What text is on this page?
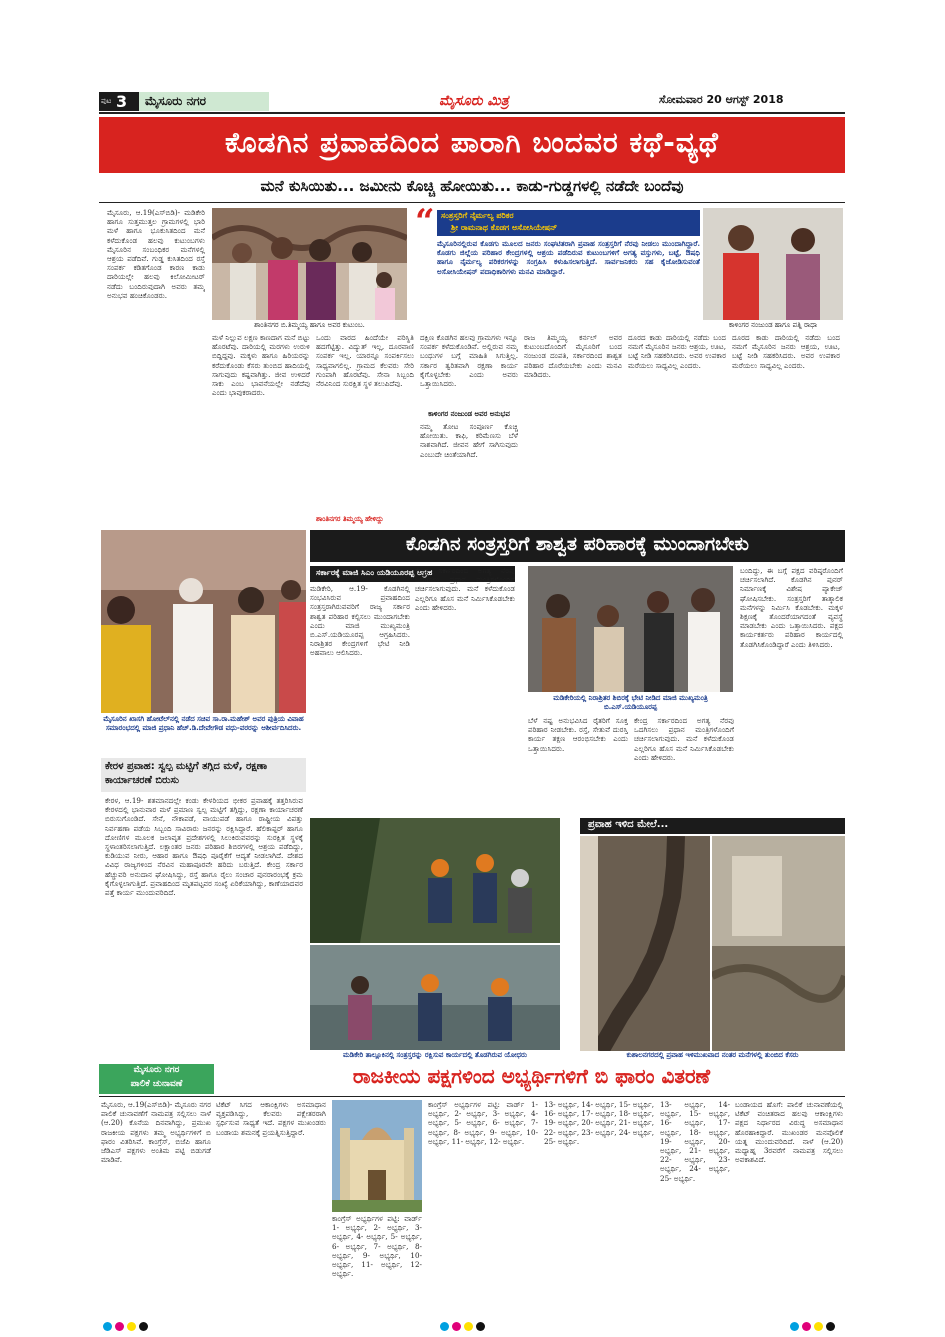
ಪುಟ 3 ಮೈಸೂರು ನಗರ	ಮೈಸೂರು ಮಿತ್ರ	ಸೋಮವಾರ 20 ಆಗಸ್ಟ್ 2018
ಕೊಡಗಿನ ಪ್ರವಾಹದಿಂದ ಪಾರಾಗಿ ಬಂದವರ ಕಥೆ-ವ್ಯಥೆ
ಮನೆ ಕುಸಿಯಿತು... ಜಮೀನು ಕೊಚ್ಚಿ ಹೋಯಿತು... ಕಾಡು-ಗುಡ್ಡಗಳಲ್ಲಿ ನಡೆದೇ ಬಂದೆವು
ಮೈಸೂರು, ಆ.19(ಎಸ್‌ಬಿಡಿ)- ಮಡಿಕೇರಿ ಹಾಗೂ ಸುತ್ತಮುತ್ತಲ ಗ್ರಾಮಗಳಲ್ಲಿ ಭಾರಿ ಮಳೆ ಹಾಗೂ ಭೂಕುಸಿತದಿಂದ ಮನೆ ಕಳೆದುಕೊಂಡ ಹಲವು ಕುಟುಂಬಗಳು ಮೈಸೂರಿನ ಸಂಬಂಧಿಕರ ಮನೆಗಳಲ್ಲಿ ಆಶ್ರಯ ಪಡೆದಿವೆ. ಗುಡ್ಡ ಕುಸಿತದಿಂದ ರಸ್ತೆ ಸಂಪರ್ಕ ಕಡಿತಗೊಂಡ ಕಾರಣ ಕಾಡು ದಾರಿಯಲ್ಲೇ ಹಲವು ಕಿಲೋಮೀಟರ್ ನಡೆದು ಬಂದಿರುವುದಾಗಿ ಅವರು ತಮ್ಮ ಅನುಭವ ಹಂಚಿಕೊಂಡರು.
ಶಾಂತಿನಗರ ಬಿ.ತಿಮ್ಮಯ್ಯ ಹಾಗೂ ಅವರ ಕುಟುಂಬ.
“ ಸಂತ್ರಸ್ತರಿಗೆ ನೈರ್ಮಲ್ಯ ಪರಿಕರ
ಶ್ರೀ ರಾಮನಾಥ ಕೊಡಗ ಅಸೋಸಿಯೇಷನ್
ಮೈಸೂರಿನಲ್ಲಿರುವ ಕೊಡಗು ಮೂಲದ ಜನರು ಸಂಘಟಿತರಾಗಿ ಪ್ರವಾಹ ಸಂತ್ರಸ್ತರಿಗೆ ನೆರವು ನೀಡಲು ಮುಂದಾಗಿದ್ದಾರೆ. ಕೊಡಗು ಜಿಲ್ಲೆಯ ಪರಿಹಾರ ಕೇಂದ್ರಗಳಲ್ಲಿ ಆಶ್ರಯ ಪಡೆದಿರುವ ಕುಟುಂಬಗಳಿಗೆ ಅಗತ್ಯ ವಸ್ತುಗಳು, ಬಟ್ಟೆ, ಔಷಧಿ ಹಾಗೂ ನೈರ್ಮಲ್ಯ ಪರಿಕರಗಳನ್ನು ಸಂಗ್ರಹಿಸಿ ಕಳುಹಿಸಲಾಗುತ್ತಿದೆ. ಸಾರ್ವಜನಿಕರು ಸಹ ಕೈಜೋಡಿಸುವಂತೆ ಅಸೋಸಿಯೇಷನ್ ಪದಾಧಿಕಾರಿಗಳು ಮನವಿ ಮಾಡಿದ್ದಾರೆ.
ಕಾಳಿಂಗರ ನಂಜುಂಡ ಹಾಗೂ ಪತ್ನಿ ರಾಧಾ
ಮಳೆ ನಿಲ್ಲುವ ಲಕ್ಷಣ ಕಾಣದಾಗ ಮನೆ ಬಿಟ್ಟು ಹೊರಟೆವು. ದಾರಿಯಲ್ಲಿ ಮರಗಳು ಉರುಳಿ ಬಿದ್ದಿದ್ದವು. ಮಕ್ಕಳು ಹಾಗೂ ಹಿರಿಯರನ್ನು ಕರೆದುಕೊಂಡು ಕೆಸರು ತುಂಬಿದ ಹಾದಿಯಲ್ಲಿ ಸಾಗುವುದು ಕಷ್ಟವಾಗಿತ್ತು. ಜೀವ ಉಳಿದರೆ ಸಾಕು ಎಂಬ ಭಾವನೆಯಲ್ಲೇ ನಡೆದೆವು ಎಂದು ಭಾವುಕರಾದರು.
ಒಂದು ವಾರದ ಹಿಂದೆಯೇ ಪರಿಸ್ಥಿತಿ ಹದಗೆಟ್ಟಿತ್ತು. ವಿದ್ಯುತ್ ಇಲ್ಲ, ದೂರವಾಣಿ ಸಂಪರ್ಕ ಇಲ್ಲ. ಯಾರನ್ನೂ ಸಂಪರ್ಕಿಸಲು ಸಾಧ್ಯವಾಗಲಿಲ್ಲ. ಗ್ರಾಮದ ಕೆಲವರು ಸೇರಿ ಗುಂಪಾಗಿ ಹೊರಟೆವು. ಸೇನಾ ಸಿಬ್ಬಂದಿ ನೆರವಿನಿಂದ ಸುರಕ್ಷಿತ ಸ್ಥಳ ತಲುಪಿದೆವು.
ಶಾಂತಿನಗರ ತಿಮ್ಮಯ್ಯ ಹೇಳಿದ್ದು
ದಕ್ಷಿಣ ಕೊಡಗಿನ ಹಲವು ಗ್ರಾಮಗಳು ಇನ್ನೂ ಸಂಪರ್ಕ ಕಳೆದುಕೊಂಡಿವೆ. ಅಲ್ಲಿರುವ ನಮ್ಮ ಬಂಧುಗಳ ಬಗ್ಗೆ ಮಾಹಿತಿ ಸಿಗುತ್ತಿಲ್ಲ. ಸರ್ಕಾರ ತ್ವರಿತವಾಗಿ ರಕ್ಷಣಾ ಕಾರ್ಯ ಕೈಗೊಳ್ಳಬೇಕು ಎಂದು ಅವರು ಒತ್ತಾಯಿಸಿದರು.
ಕಾಳಿಂಗರ ನಂಜುಂಡ ಅವರ ಅನುಭವ
ನಮ್ಮ ತೋಟ ಸಂಪೂರ್ಣ ಕೊಚ್ಚಿ ಹೋಯಿತು. ಕಾಫಿ, ಕರಿಮೆಣಸು ಬೆಳೆ ನಾಶವಾಗಿದೆ. ಜೀವನ ಹೇಗೆ ಸಾಗಿಸುವುದು ಎಂಬುದೇ ಚಿಂತೆಯಾಗಿದೆ.
ರಾಜ ತಿಮ್ಮಯ್ಯ ಕರ್ನಲ್ ಅವರ ಕುಟುಂಬದೊಂದಿಗೆ ಮೈಸೂರಿಗೆ ಬಂದ ನಂಜುಂಡ ದಂಪತಿ, ಸರ್ಕಾರದಿಂದ ಶಾಶ್ವತ ಪರಿಹಾರ ದೊರೆಯಬೇಕು ಎಂದು ಮನವಿ ಮಾಡಿದರು.
ದೂರದ ಕಾಡು ದಾರಿಯಲ್ಲಿ ನಡೆದು ಬಂದ ನಮಗೆ ಮೈಸೂರಿನ ಜನರು ಆಶ್ರಯ, ಊಟ, ಬಟ್ಟೆ ನೀಡಿ ಸಹಕರಿಸಿದರು. ಅವರ ಉಪಕಾರ ಮರೆಯಲು ಸಾಧ್ಯವಿಲ್ಲ ಎಂದರು.
ದೂರದ ಕಾಡು ದಾರಿಯಲ್ಲಿ ನಡೆದು ಬಂದ ನಮಗೆ ಮೈಸೂರಿನ ಜನರು ಆಶ್ರಯ, ಊಟ, ಬಟ್ಟೆ ನೀಡಿ ಸಹಕರಿಸಿದರು. ಅವರ ಉಪಕಾರ ಮರೆಯಲು ಸಾಧ್ಯವಿಲ್ಲ ಎಂದರು.
ಮೈಸೂರಿನ ಖಾಸಗಿ ಹೋಟೆಲ್‌ನಲ್ಲಿ ನಡೆದ ಸಚಿವ ಸಾ.ರಾ.ಮಹೇಶ್ ಅವರ ಪುತ್ರಿಯ ವಿವಾಹ ಸಮಾರಂಭದಲ್ಲಿ ಮಾಜಿ ಪ್ರಧಾನಿ ಹೆಚ್.ಡಿ.ದೇವೇಗೌಡ ವಧು-ವರರನ್ನು ಆಶೀರ್ವದಿಸಿದರು.
ಕೊಡಗಿನ ಸಂತ್ರಸ್ತರಿಗೆ ಶಾಶ್ವತ ಪರಿಹಾರಕ್ಕೆ ಮುಂದಾಗಬೇಕು
ಸರ್ಕಾರಕ್ಕೆ ಮಾಜಿ ಸಿಎಂ ಯಡಿಯೂರಪ್ಪ ಆಗ್ರಹ
ಮಡಿಕೇರಿ, ಆ.19- ಕೊಡಗಿನಲ್ಲಿ ಸಂಭವಿಸಿರುವ ಪ್ರವಾಹದಿಂದ ಸಂತ್ರಸ್ತರಾಗಿರುವವರಿಗೆ ರಾಜ್ಯ ಸರ್ಕಾರ ಶಾಶ್ವತ ಪರಿಹಾರ ಕಲ್ಪಿಸಲು ಮುಂದಾಗಬೇಕು ಎಂದು ಮಾಜಿ ಮುಖ್ಯಮಂತ್ರಿ ಬಿ.ಎಸ್.ಯಡಿಯೂರಪ್ಪ ಆಗ್ರಹಿಸಿದರು. ನಿರಾಶ್ರಿತರ ಕೇಂದ್ರಗಳಿಗೆ ಭೇಟಿ ನೀಡಿ ಅಹವಾಲು ಆಲಿಸಿದರು.
ಕೇಂದ್ರ ಸರ್ಕಾರದಿಂದ ಅಗತ್ಯ ನೆರವು ಒದಗಿಸಲು ಪ್ರಧಾನ ಮಂತ್ರಿಗಳೊಂದಿಗೆ ಚರ್ಚಿಸಲಾಗುವುದು. ಮನೆ ಕಳೆದುಕೊಂಡ ಎಲ್ಲರಿಗೂ ಹೊಸ ಮನೆ ನಿರ್ಮಿಸಿಕೊಡಬೇಕು ಎಂದು ಹೇಳಿದರು.
ಮಡಿಕೇರಿಯಲ್ಲಿ ನಿರಾಶ್ರಿತರ ಶಿಬಿರಕ್ಕೆ ಭೇಟಿ ನೀಡಿದ ಮಾಜಿ ಮುಖ್ಯಮಂತ್ರಿ ಬಿ.ಎಸ್.ಯಡಿಯೂರಪ್ಪ
ಬೆಳೆ ನಷ್ಟ ಅನುಭವಿಸಿದ ರೈತರಿಗೆ ಸೂಕ್ತ ಪರಿಹಾರ ನೀಡಬೇಕು. ರಸ್ತೆ, ಸೇತುವೆ ದುರಸ್ತಿ ಕಾರ್ಯ ತಕ್ಷಣ ಆರಂಭಿಸಬೇಕು ಎಂದು ಒತ್ತಾಯಿಸಿದರು.
ಕೇಂದ್ರ ಸರ್ಕಾರದಿಂದ ಅಗತ್ಯ ನೆರವು ಒದಗಿಸಲು ಪ್ರಧಾನ ಮಂತ್ರಿಗಳೊಂದಿಗೆ ಚರ್ಚಿಸಲಾಗುವುದು. ಮನೆ ಕಳೆದುಕೊಂಡ ಎಲ್ಲರಿಗೂ ಹೊಸ ಮನೆ ನಿರ್ಮಿಸಿಕೊಡಬೇಕು ಎಂದು ಹೇಳಿದರು.
ಬಂದಿದ್ದು, ಈ ಬಗ್ಗೆ ಪಕ್ಷದ ವರಿಷ್ಠರೊಂದಿಗೆ ಚರ್ಚಿಸಲಾಗಿದೆ. ಕೊಡಗಿನ ಪುನರ್ ನಿರ್ಮಾಣಕ್ಕೆ ವಿಶೇಷ ಪ್ಯಾಕೇಜ್ ಘೋಷಿಸಬೇಕು. ಸಂತ್ರಸ್ತರಿಗೆ ತಾತ್ಕಾಲಿಕ ಮನೆಗಳನ್ನು ನಿರ್ಮಿಸಿ ಕೊಡಬೇಕು. ಮಕ್ಕಳ ಶಿಕ್ಷಣಕ್ಕೆ ತೊಂದರೆಯಾಗದಂತೆ ವ್ಯವಸ್ಥೆ ಮಾಡಬೇಕು ಎಂದು ಒತ್ತಾಯಿಸಿದರು. ಪಕ್ಷದ ಕಾರ್ಯಕರ್ತರು ಪರಿಹಾರ ಕಾರ್ಯದಲ್ಲಿ ತೊಡಗಿಸಿಕೊಂಡಿದ್ದಾರೆ ಎಂದು ತಿಳಿಸಿದರು.
ಕೇರಳ ಪ್ರವಾಹ: ಸ್ವಲ್ಪ ಮಟ್ಟಿಗೆ ತಗ್ಗಿದ ಮಳೆ, ರಕ್ಷಣಾ ಕಾರ್ಯಾಚರಣೆ ಬಿರುಸು
ಕೇರಳ, ಆ.19- ಶತಮಾನದಲ್ಲೇ ಕಂಡು ಕೇಳರಿಯದ ಭೀಕರ ಪ್ರವಾಹಕ್ಕೆ ತತ್ತರಿಸಿರುವ ಕೇರಳದಲ್ಲಿ ಭಾನುವಾರ ಮಳೆ ಪ್ರಮಾಣ ಸ್ವಲ್ಪ ಮಟ್ಟಿಗೆ ತಗ್ಗಿದ್ದು, ರಕ್ಷಣಾ ಕಾರ್ಯಾಚರಣೆ ಬಿರುಸುಗೊಂಡಿದೆ. ಸೇನೆ, ನೌಕಾಪಡೆ, ವಾಯುಪಡೆ ಹಾಗೂ ರಾಷ್ಟ್ರೀಯ ವಿಪತ್ತು ನಿರ್ವಹಣಾ ಪಡೆಯ ಸಿಬ್ಬಂದಿ ಸಾವಿರಾರು ಜನರನ್ನು ರಕ್ಷಿಸಿದ್ದಾರೆ. ಹೆಲಿಕಾಪ್ಟರ್ ಹಾಗೂ ದೋಣಿಗಳ ಮೂಲಕ ಜಲಾವೃತ ಪ್ರದೇಶಗಳಲ್ಲಿ ಸಿಲುಕಿರುವವರನ್ನು ಸುರಕ್ಷಿತ ಸ್ಥಳಕ್ಕೆ ಸ್ಥಳಾಂತರಿಸಲಾಗುತ್ತಿದೆ. ಲಕ್ಷಾಂತರ ಜನರು ಪರಿಹಾರ ಶಿಬಿರಗಳಲ್ಲಿ ಆಶ್ರಯ ಪಡೆದಿದ್ದು, ಕುಡಿಯುವ ನೀರು, ಆಹಾರ ಹಾಗೂ ಔಷಧಿ ಪೂರೈಕೆಗೆ ಆದ್ಯತೆ ನೀಡಲಾಗಿದೆ. ದೇಶದ ವಿವಿಧ ರಾಜ್ಯಗಳಿಂದ ನೆರವಿನ ಮಹಾಪೂರವೇ ಹರಿದು ಬರುತ್ತಿದೆ. ಕೇಂದ್ರ ಸರ್ಕಾರ ಹೆಚ್ಚುವರಿ ಅನುದಾನ ಘೋಷಿಸಿದ್ದು, ರಸ್ತೆ ಹಾಗೂ ರೈಲು ಸಂಚಾರ ಪುನರಾರಂಭಕ್ಕೆ ಕ್ರಮ ಕೈಗೊಳ್ಳಲಾಗುತ್ತಿದೆ. ಪ್ರವಾಹದಿಂದ ಮೃತಪಟ್ಟವರ ಸಂಖ್ಯೆ ಏರಿಕೆಯಾಗಿದ್ದು, ಕಾಣೆಯಾದವರ ಪತ್ತೆ ಕಾರ್ಯ ಮುಂದುವರಿದಿದೆ.
ಮಡಿಕೇರಿ ತಾಲ್ಲೂಕಿನಲ್ಲಿ ಸಂತ್ರಸ್ತರನ್ನು ರಕ್ಷಿಸುವ ಕಾರ್ಯದಲ್ಲಿ ತೊಡಗಿರುವ ಯೋಧರು
ಪ್ರವಾಹ ಇಳಿದ ಮೇಲೆ...
ಕುಶಾಲನಗರದಲ್ಲಿ ಪ್ರವಾಹ ಇಳಿಮುಖವಾದ ನಂತರ ಮನೆಗಳಲ್ಲಿ ತುಂಬಿದ ಕೆಸರು
ಮೈಸೂರು ನಗರ
ಪಾಲಿಕೆ ಚುನಾವಣೆ	ರಾಜಕೀಯ ಪಕ್ಷಗಳಿಂದ ಅಭ್ಯರ್ಥಿಗಳಿಗೆ ಬಿ ಫಾರಂ ವಿತರಣೆ
ಮೈಸೂರು, ಆ.19(ಎಸ್‌ಬಿಡಿ)- ಮೈಸೂರು ನಗರ ಪಾಲಿಕೆ ಚುನಾವಣೆಗೆ ನಾಮಪತ್ರ ಸಲ್ಲಿಸಲು ನಾಳೆ (ಆ.20) ಕೊನೆಯ ದಿನವಾಗಿದ್ದು, ಪ್ರಮುಖ ರಾಜಕೀಯ ಪಕ್ಷಗಳು ತಮ್ಮ ಅಭ್ಯರ್ಥಿಗಳಿಗೆ ಬಿ ಫಾರಂ ವಿತರಿಸಿವೆ. ಕಾಂಗ್ರೆಸ್, ಬಿಜೆಪಿ ಹಾಗೂ ಜೆಡಿಎಸ್ ಪಕ್ಷಗಳು ಅಂತಿಮ ಪಟ್ಟಿ ಬಿಡುಗಡೆ ಮಾಡಿವೆ.
ಟಿಕೆಟ್ ಸಿಗದ ಆಕಾಂಕ್ಷಿಗಳು ಅಸಮಾಧಾನ ವ್ಯಕ್ತಪಡಿಸಿದ್ದು, ಕೆಲವರು ಪಕ್ಷೇತರರಾಗಿ ಸ್ಪರ್ಧಿಸುವ ಸಾಧ್ಯತೆ ಇದೆ. ಪಕ್ಷಗಳ ಮುಖಂಡರು ಬಂಡಾಯ ಶಮನಕ್ಕೆ ಪ್ರಯತ್ನಿಸುತ್ತಿದ್ದಾರೆ.
ಕಾಂಗ್ರೆಸ್ ಅಭ್ಯರ್ಥಿಗಳ ಪಟ್ಟಿ: ವಾರ್ಡ್ 1- ಅಭ್ಯರ್ಥಿ, 2- ಅಭ್ಯರ್ಥಿ, 3- ಅಭ್ಯರ್ಥಿ, 4- ಅಭ್ಯರ್ಥಿ, 5- ಅಭ್ಯರ್ಥಿ, 6- ಅಭ್ಯರ್ಥಿ, 7- ಅಭ್ಯರ್ಥಿ, 8- ಅಭ್ಯರ್ಥಿ, 9- ಅಭ್ಯರ್ಥಿ, 10- ಅಭ್ಯರ್ಥಿ, 11- ಅಭ್ಯರ್ಥಿ, 12- ಅಭ್ಯರ್ಥಿ.
ಕಾಂಗ್ರೆಸ್ ಅಭ್ಯರ್ಥಿಗಳ ಪಟ್ಟಿ: ವಾರ್ಡ್ 1- ಅಭ್ಯರ್ಥಿ, 2- ಅಭ್ಯರ್ಥಿ, 3- ಅಭ್ಯರ್ಥಿ, 4- ಅಭ್ಯರ್ಥಿ, 5- ಅಭ್ಯರ್ಥಿ, 6- ಅಭ್ಯರ್ಥಿ, 7- ಅಭ್ಯರ್ಥಿ, 8- ಅಭ್ಯರ್ಥಿ, 9- ಅಭ್ಯರ್ಥಿ, 10- ಅಭ್ಯರ್ಥಿ, 11- ಅಭ್ಯರ್ಥಿ, 12- ಅಭ್ಯರ್ಥಿ.
13- ಅಭ್ಯರ್ಥಿ, 14- ಅಭ್ಯರ್ಥಿ, 15- ಅಭ್ಯರ್ಥಿ, 16- ಅಭ್ಯರ್ಥಿ, 17- ಅಭ್ಯರ್ಥಿ, 18- ಅಭ್ಯರ್ಥಿ, 19- ಅಭ್ಯರ್ಥಿ, 20- ಅಭ್ಯರ್ಥಿ, 21- ಅಭ್ಯರ್ಥಿ, 22- ಅಭ್ಯರ್ಥಿ, 23- ಅಭ್ಯರ್ಥಿ, 24- ಅಭ್ಯರ್ಥಿ, 25- ಅಭ್ಯರ್ಥಿ.
13- ಅಭ್ಯರ್ಥಿ, 14- ಅಭ್ಯರ್ಥಿ, 15- ಅಭ್ಯರ್ಥಿ, 16- ಅಭ್ಯರ್ಥಿ, 17- ಅಭ್ಯರ್ಥಿ, 18- ಅಭ್ಯರ್ಥಿ, 19- ಅಭ್ಯರ್ಥಿ, 20- ಅಭ್ಯರ್ಥಿ, 21- ಅಭ್ಯರ್ಥಿ, 22- ಅಭ್ಯರ್ಥಿ, 23- ಅಭ್ಯರ್ಥಿ, 24- ಅಭ್ಯರ್ಥಿ, 25- ಅಭ್ಯರ್ಥಿ.
ಬಂಡಾಯದ ಹೊಗೆ: ಪಾಲಿಕೆ ಚುನಾವಣೆಯಲ್ಲಿ ಟಿಕೆಟ್ ವಂಚಿತರಾದ ಹಲವು ಆಕಾಂಕ್ಷಿಗಳು ಪಕ್ಷದ ನಿರ್ಧಾರದ ವಿರುದ್ಧ ಅಸಮಾಧಾನ ಹೊರಹಾಕಿದ್ದಾರೆ. ಮುಖಂಡರ ಮನವೊಲಿಕೆ ಯತ್ನ ಮುಂದುವರಿದಿದೆ. ನಾಳೆ (ಆ.20) ಮಧ್ಯಾಹ್ನ 3ರವರೆಗೆ ನಾಮಪತ್ರ ಸಲ್ಲಿಸಲು ಅವಕಾಶವಿದೆ.
